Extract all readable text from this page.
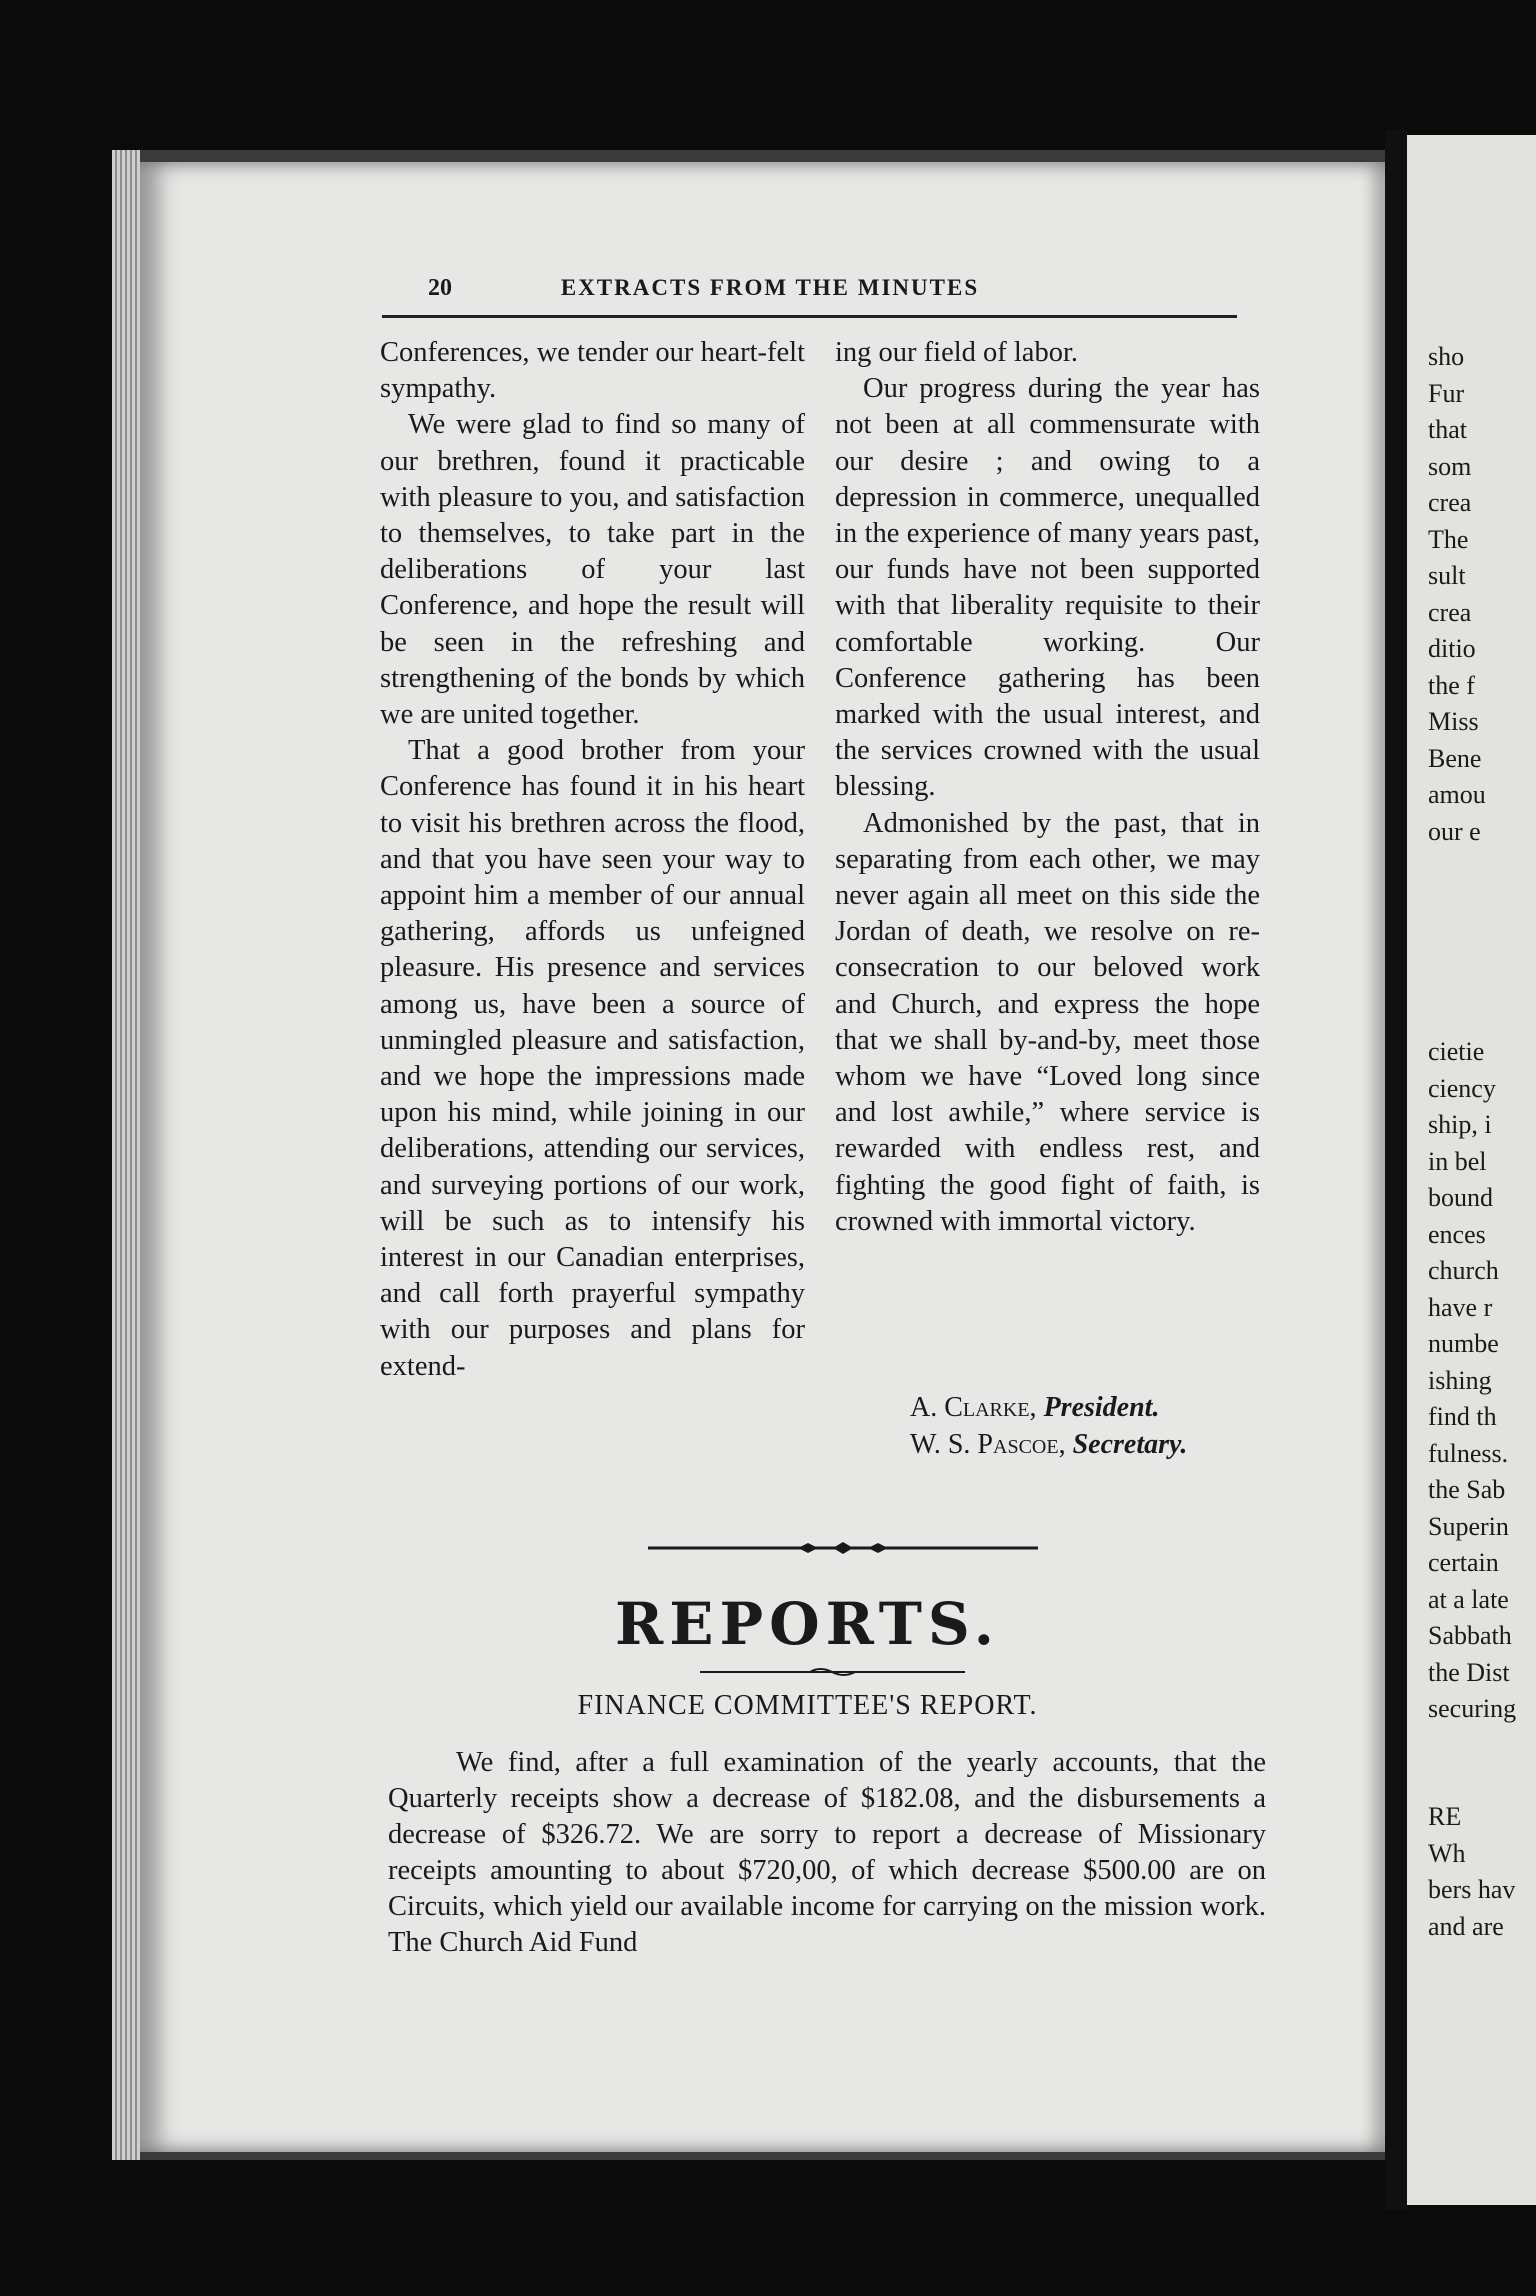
20	EXTRACTS FROM THE MINUTES

Conferences, we tender our heart-felt sympathy.

We were glad to find so many of our brethren, found it practicable with pleasure to you, and satisfaction to themselves, to take part in the deliberations of your last Conference, and hope the result will be seen in the refreshing and strengthening of the bonds by which we are united together.

That a good brother from your Conference has found it in his heart to visit his brethren across the flood, and that you have seen your way to appoint him a member of our annual gathering, affords us unfeigned pleasure. His presence and services among us, have been a source of unmingled pleasure and satisfaction, and we hope the impressions made upon his mind, while joining in our deliberations, attending our services, and surveying portions of our work, will be such as to intensify his interest in our Canadian enterprises, and call forth prayerful sympathy with our purposes and plans for extend-

ing our field of labor.

Our progress during the year has not been at all commensurate with our desire ; and owing to a depression in commerce, unequalled in the experience of many years past, our funds have not been supported with that liberality requisite to their comfortable working. Our Conference gathering has been marked with the usual interest, and the services crowned with the usual blessing.

Admonished by the past, that in separating from each other, we may never again all meet on this side the Jordan of death, we resolve on re-consecration to our beloved work and Church, and express the hope that we shall by-and-by, meet those whom we have “Loved long since and lost awhile,” where service is rewarded with endless rest, and fighting the good fight of faith, is crowned with immortal victory.

A. Clarke, President.
W. S. Pascoe, Secretary.
REPORTS.
FINANCE COMMITTEE'S REPORT.

We find, after a full examination of the yearly accounts, that the Quarterly receipts show a decrease of $182.08, and the disbursements a decrease of $326.72. We are sorry to report a decrease of Missionary receipts amounting to about $720,00, of which decrease $500.00 are on Circuits, which yield our available income for carrying on the mission work. The Church Aid Fund

sho
Fur
that
som
crea
The
sult
crea
ditio
the f
Miss
Bene
amou
our e
cietie
ciency
ship, i
in bel
bound
ences
church
have r
numbe
ishing
find th
fulness.
the Sab
Superin
certain
at a late
Sabbath
the Dist
securing
RE
Wh
bers hav
and are
